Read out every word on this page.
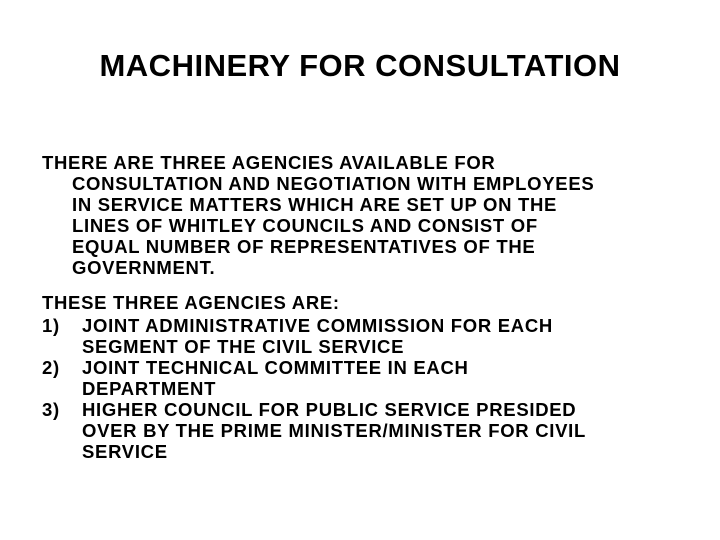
MACHINERY FOR CONSULTATION
THERE ARE THREE AGENCIES AVAILABLE FOR
CONSULTATION AND NEGOTIATION WITH EMPLOYEES
IN SERVICE MATTERS WHICH ARE SET UP ON THE
LINES OF WHITLEY COUNCILS AND CONSIST OF
EQUAL NUMBER OF REPRESENTATIVES OF THE
GOVERNMENT.
THESE THREE AGENCIES ARE:
1)	JOINT ADMINISTRATIVE COMMISSION FOR EACH
SEGMENT OF THE CIVIL SERVICE
2)	JOINT TECHNICAL COMMITTEE IN EACH
DEPARTMENT
3)	HIGHER COUNCIL FOR PUBLIC SERVICE PRESIDED
OVER BY THE PRIME MINISTER/MINISTER FOR CIVIL
SERVICE
